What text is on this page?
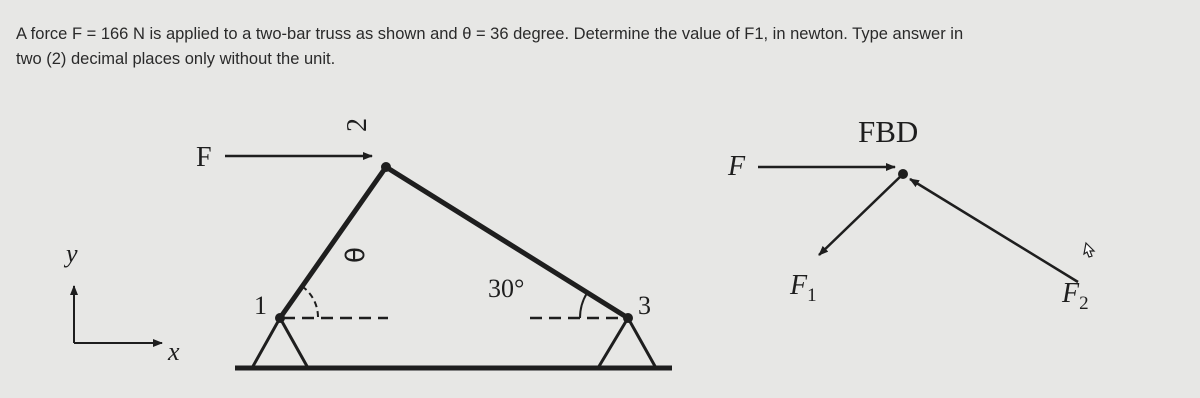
A force F = 166 N is applied to a two-bar truss as shown and θ = 36 degree. Determine the value of F1, in newton. Type answer in

two (2) decimal places only without the unit.

y
x
F
1
2
3
θ
30°
FBD
F
$F_1$	$F_2$
